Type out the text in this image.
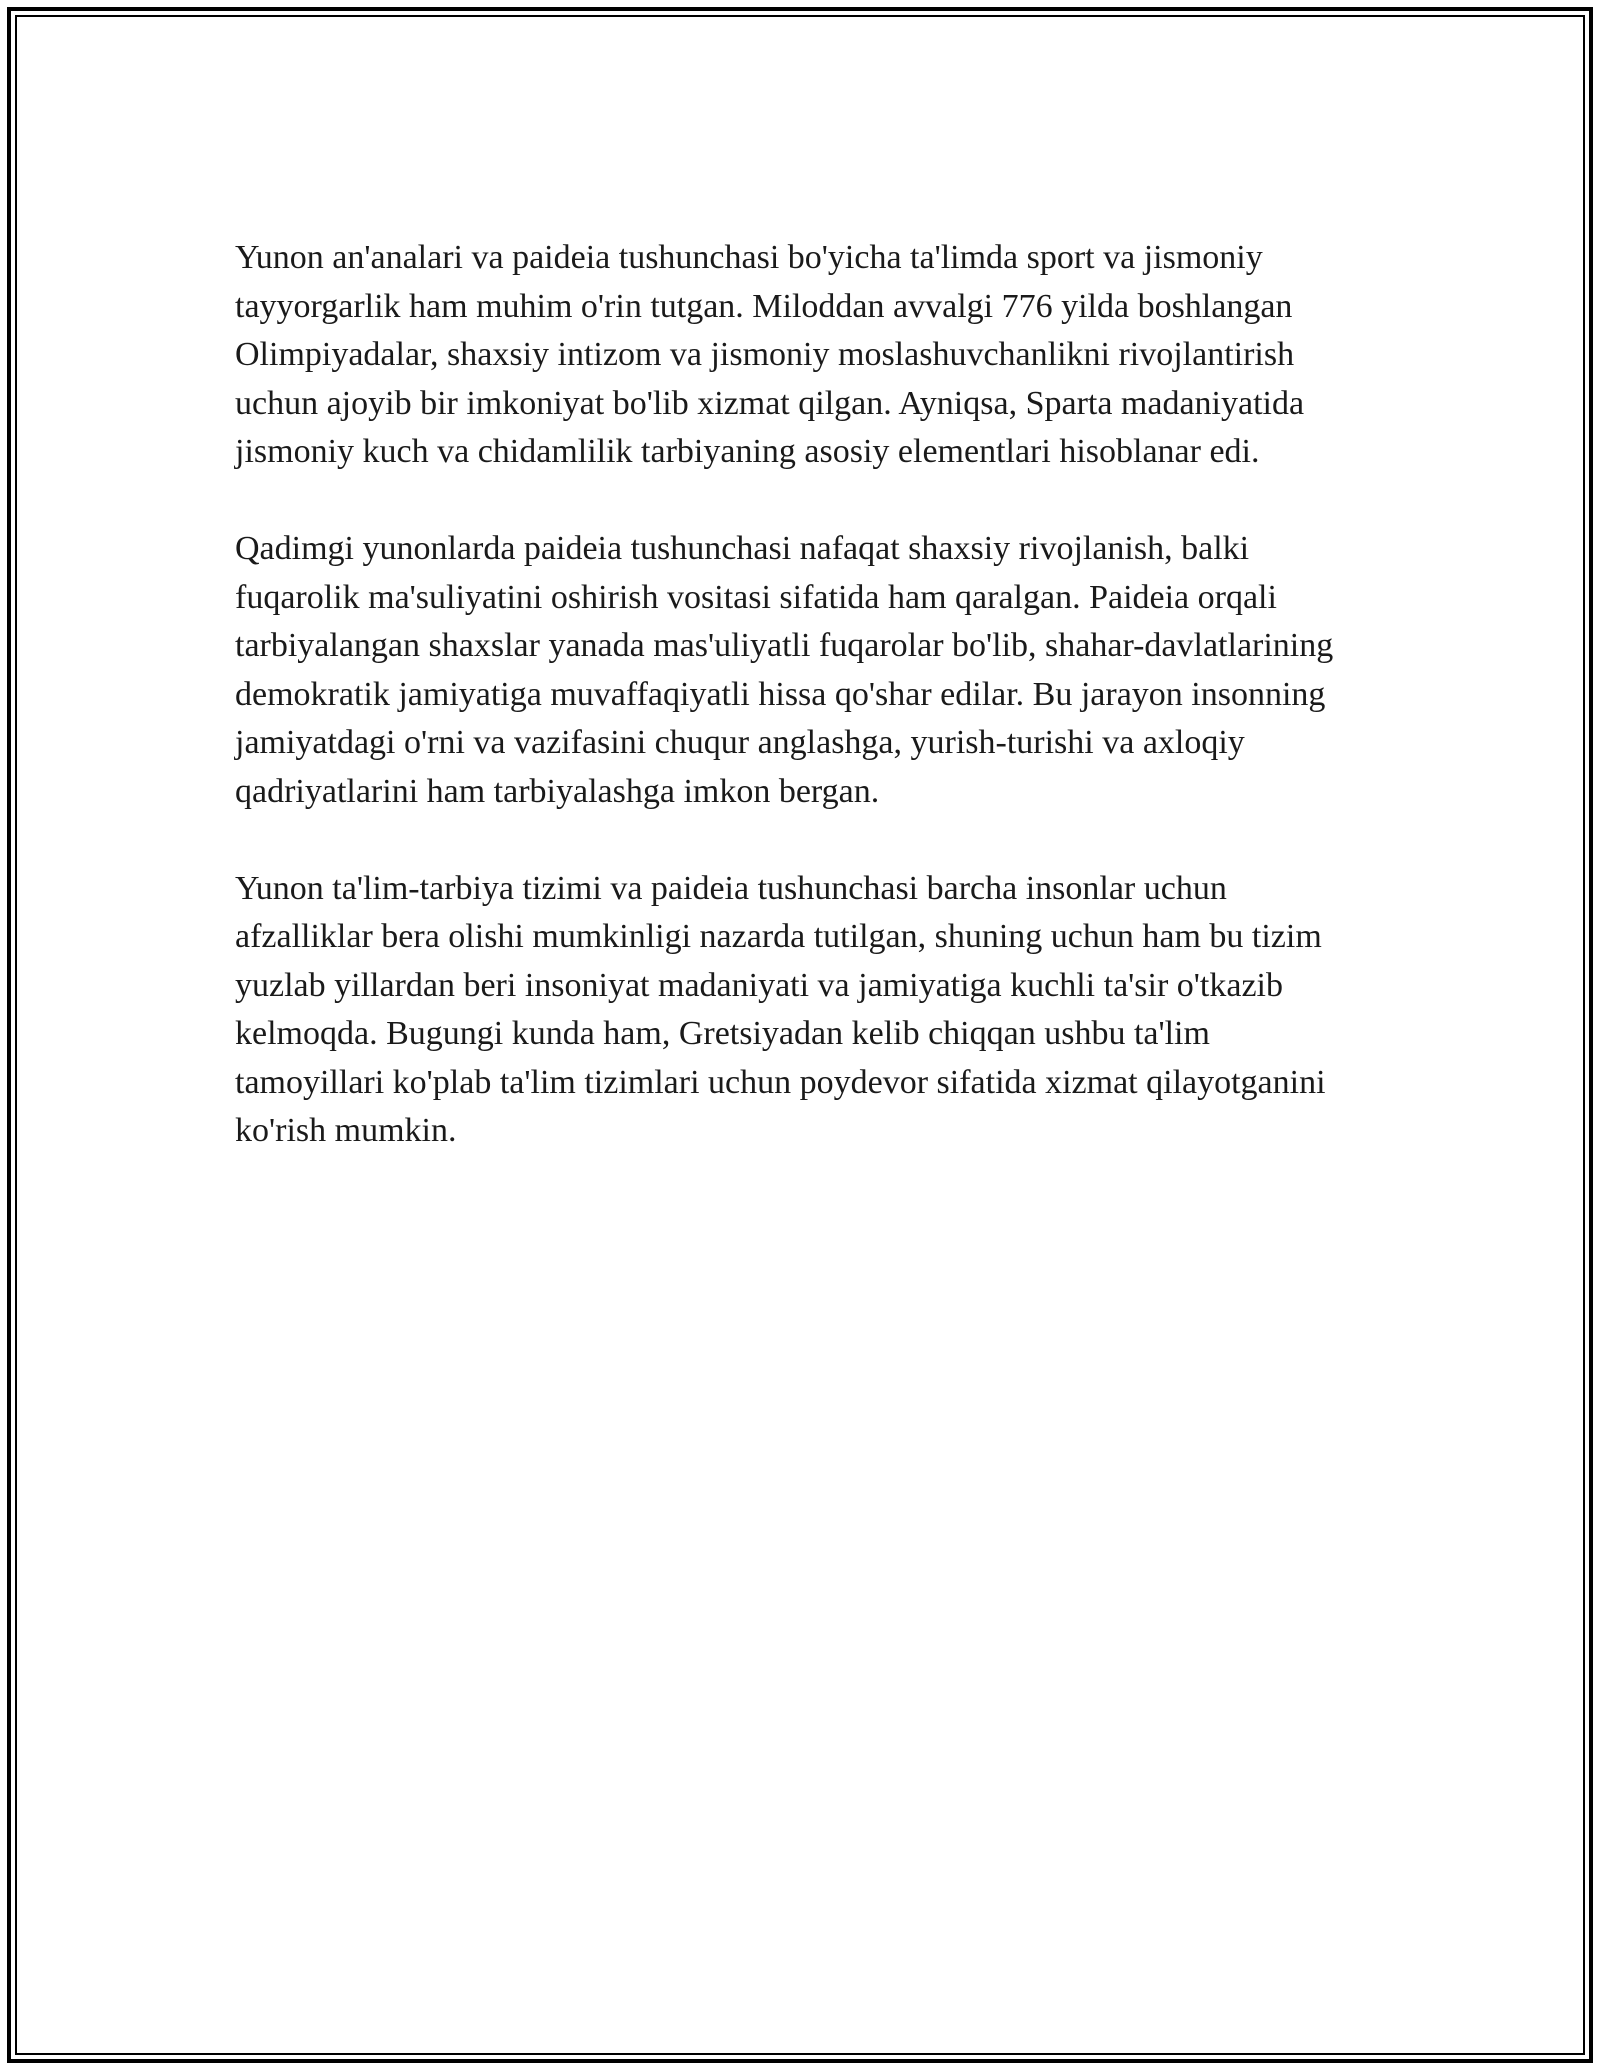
Yunon an'analari va paideia tushunchasi bo'yicha ta'limda sport va jismoniy tayyorgarlik ham muhim o'rin tutgan. Miloddan avvalgi 776 yilda boshlangan Olimpiyadalar, shaxsiy intizom va jismoniy moslashuvchanlikni rivojlantirish uchun ajoyib bir imkoniyat bo'lib xizmat qilgan. Ayniqsa, Sparta madaniyatida jismoniy kuch va chidamlilik tarbiyaning asosiy elementlari hisoblanar edi.

Qadimgi yunonlarda paideia tushunchasi nafaqat shaxsiy rivojlanish, balki fuqarolik ma'suliyatini oshirish vositasi sifatida ham qaralgan. Paideia orqali tarbiyalangan shaxslar yanada mas'uliyatli fuqarolar bo'lib, shahar-davlatlarining demokratik jamiyatiga muvaffaqiyatli hissa qo'shar edilar. Bu jarayon insonning jamiyatdagi o'rni va vazifasini chuqur anglashga, yurish-turishi va axloqiy qadriyatlarini ham tarbiyalashga imkon bergan.

Yunon ta'lim-tarbiya tizimi va paideia tushunchasi barcha insonlar uchun afzalliklar bera olishi mumkinligi nazarda tutilgan, shuning uchun ham bu tizim yuzlab yillardan beri insoniyat madaniyati va jamiyatiga kuchli ta'sir o'tkazib kelmoqda. Bugungi kunda ham, Gretsiyadan kelib chiqqan ushbu ta'lim tamoyillari ko'plab ta'lim tizimlari uchun poydevor sifatida xizmat qilayotganini ko'rish mumkin.
